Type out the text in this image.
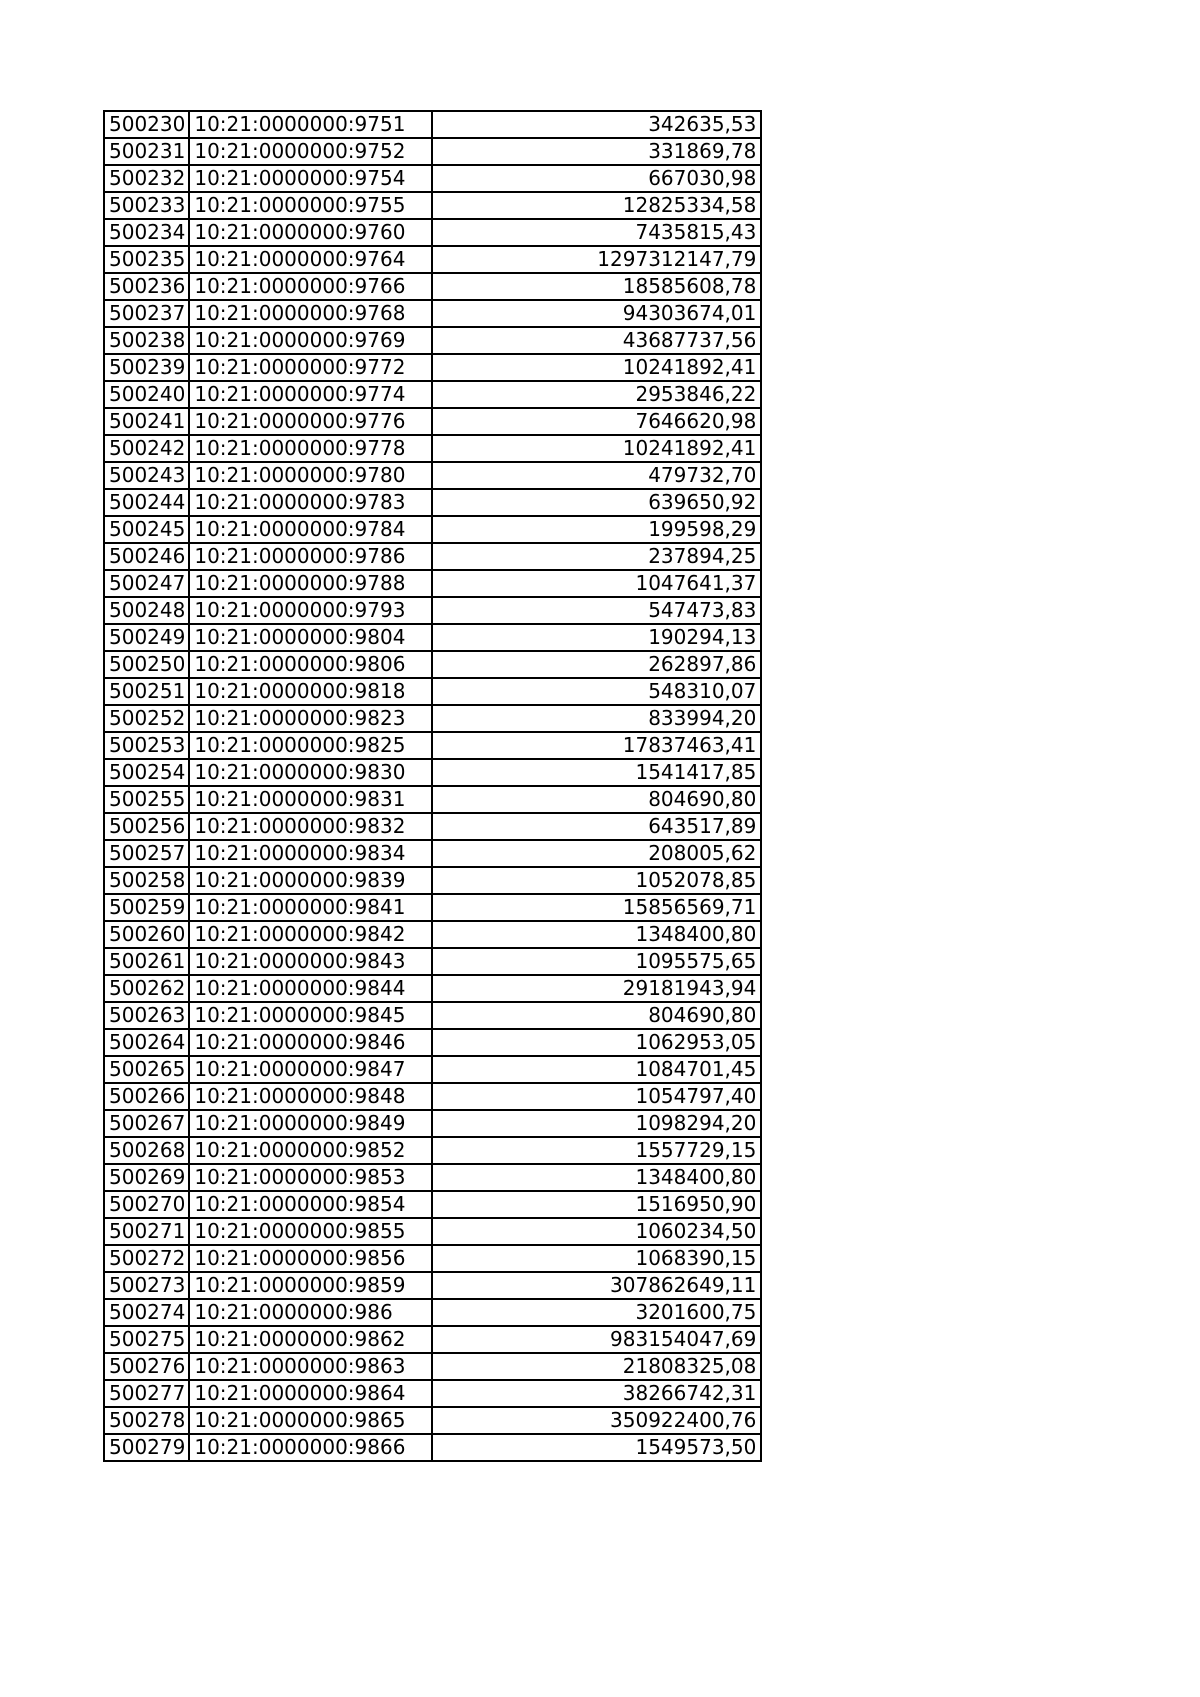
500230	10:21:0000000:9751	342635,53
500231	10:21:0000000:9752	331869,78
500232	10:21:0000000:9754	667030,98
500233	10:21:0000000:9755	12825334,58
500234	10:21:0000000:9760	7435815,43
500235	10:21:0000000:9764	1297312147,79
500236	10:21:0000000:9766	18585608,78
500237	10:21:0000000:9768	94303674,01
500238	10:21:0000000:9769	43687737,56
500239	10:21:0000000:9772	10241892,41
500240	10:21:0000000:9774	2953846,22
500241	10:21:0000000:9776	7646620,98
500242	10:21:0000000:9778	10241892,41
500243	10:21:0000000:9780	479732,70
500244	10:21:0000000:9783	639650,92
500245	10:21:0000000:9784	199598,29
500246	10:21:0000000:9786	237894,25
500247	10:21:0000000:9788	1047641,37
500248	10:21:0000000:9793	547473,83
500249	10:21:0000000:9804	190294,13
500250	10:21:0000000:9806	262897,86
500251	10:21:0000000:9818	548310,07
500252	10:21:0000000:9823	833994,20
500253	10:21:0000000:9825	17837463,41
500254	10:21:0000000:9830	1541417,85
500255	10:21:0000000:9831	804690,80
500256	10:21:0000000:9832	643517,89
500257	10:21:0000000:9834	208005,62
500258	10:21:0000000:9839	1052078,85
500259	10:21:0000000:9841	15856569,71
500260	10:21:0000000:9842	1348400,80
500261	10:21:0000000:9843	1095575,65
500262	10:21:0000000:9844	29181943,94
500263	10:21:0000000:9845	804690,80
500264	10:21:0000000:9846	1062953,05
500265	10:21:0000000:9847	1084701,45
500266	10:21:0000000:9848	1054797,40
500267	10:21:0000000:9849	1098294,20
500268	10:21:0000000:9852	1557729,15
500269	10:21:0000000:9853	1348400,80
500270	10:21:0000000:9854	1516950,90
500271	10:21:0000000:9855	1060234,50
500272	10:21:0000000:9856	1068390,15
500273	10:21:0000000:9859	307862649,11
500274	10:21:0000000:986	3201600,75
500275	10:21:0000000:9862	983154047,69
500276	10:21:0000000:9863	21808325,08
500277	10:21:0000000:9864	38266742,31
500278	10:21:0000000:9865	350922400,76
500279	10:21:0000000:9866	1549573,50
